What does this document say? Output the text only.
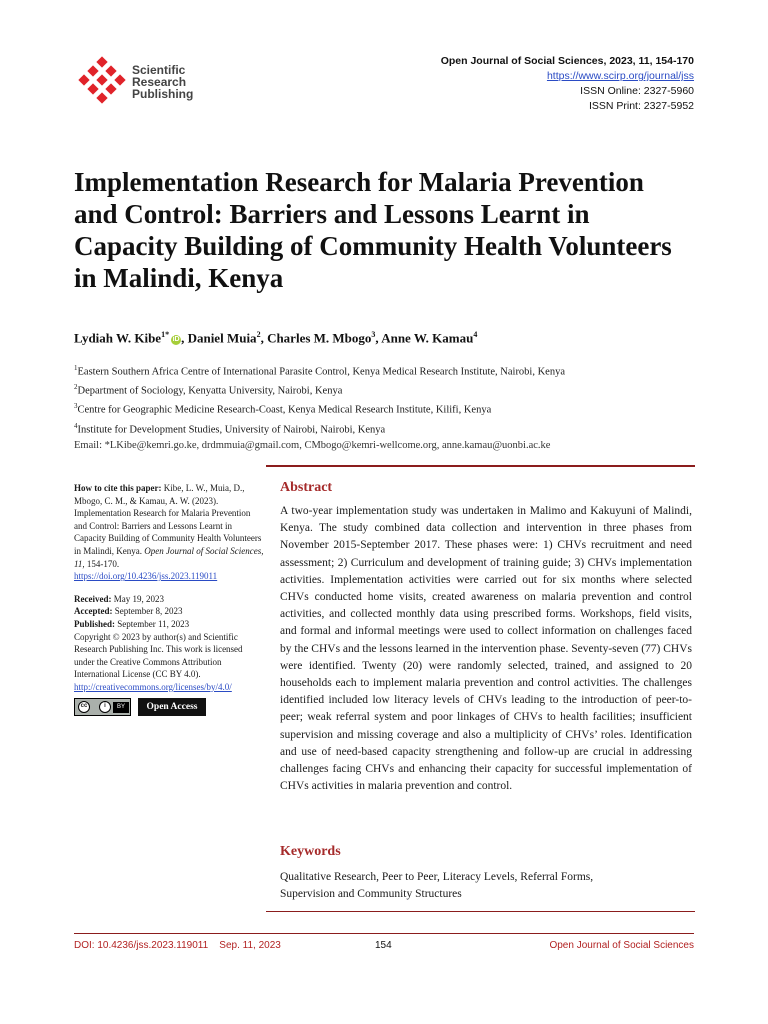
Scientific
Research
Publishing
Open Journal of Social Sciences, 2023, 11, 154-170
https://www.scirp.org/journal/jss
ISSN Online: 2327-5960
ISSN Print: 2327-5952
Implementation Research for Malaria Prevention and Control: Barriers and Lessons Learnt in Capacity Building of Community Health Volunteers in Malindi, Kenya
Lydiah W. Kibe$^{1*}$iD , Daniel Muia$^2$, Charles M. Mbogo$^3$, Anne W. Kamau$^4$
$^1$Eastern Southern Africa Centre of International Parasite Control, Kenya Medical Research Institute, Nairobi, Kenya
$^2$Department of Sociology, Kenyatta University, Nairobi, Kenya
$^3$Centre for Geographic Medicine Research-Coast, Kenya Medical Research Institute, Kilifi, Kenya
$^4$Institute for Development Studies, University of Nairobi, Nairobi, Kenya
Email: *LKibe@kemri.go.ke, drdmmuia@gmail.com, CMbogo@kemri-wellcome.org, anne.kamau@uonbi.ac.ke

How to cite this paper: Kibe, L. W., Muia, D., Mbogo, C. M., & Kamau, A. W. (2023). Implementation Research for Malaria Prevention and Control: Barriers and Lessons Learnt in Capacity Building of Community Health Volunteers in Malindi, Kenya. Open Journal of Social Sciences, 11, 154-170.
https://doi.org/10.4236/jss.2023.119011

Received: May 19, 2023
Accepted: September 8, 2023
Published: September 11, 2023

Copyright © 2023 by author(s) and Scientific Research Publishing Inc. This work is licensed under the Creative Commons Attribution International License (CC BY 4.0).
http://creativecommons.org/licenses/by/4.0/

cc	i	BY	Open Access
Abstract

A two-year implementation study was undertaken in Malimo and Kakuyuni of Malindi, Kenya. The study combined data collection and intervention in three phases from November 2015-September 2017. These phases were: 1) CHVs recruitment and need assessment; 2) Curriculum and development of training guide; 3) CHVs implementation activities. Implementation activities were carried out for six months where selected CHVs conducted home visits, created awareness on malaria prevention and control activities, and collected monthly data using prescribed forms. Workshops, field visits, and formal and informal meetings were used to collect information on challenges faced by the CHVs and the lessons learned in the intervention phase. Seventy-seven (77) CHVs were identified. Twenty (20) were randomly selected, trained, and assigned to 20 households each to implement malaria prevention and control activities. The challenges identified included low literacy levels of CHVs leading to the introduction of peer-to-peer; weak referral system and poor linkages of CHVs to health facilities; insufficient supervision and missing coverage and also a multiplicity of CHVs’ roles. Identification and use of need-based capacity strengthening and follow-up are crucial in addressing challenges facing CHVs and enhancing their capacity for successful implementation of CHVs activities in malaria prevention and control.

Keywords
Qualitative Research, Peer to Peer, Literacy Levels, Referral Forms,
Supervision and Community Structures
DOI: 10.4236/jss.2023.119011    Sep. 11, 2023	154	Open Journal of Social Sciences
